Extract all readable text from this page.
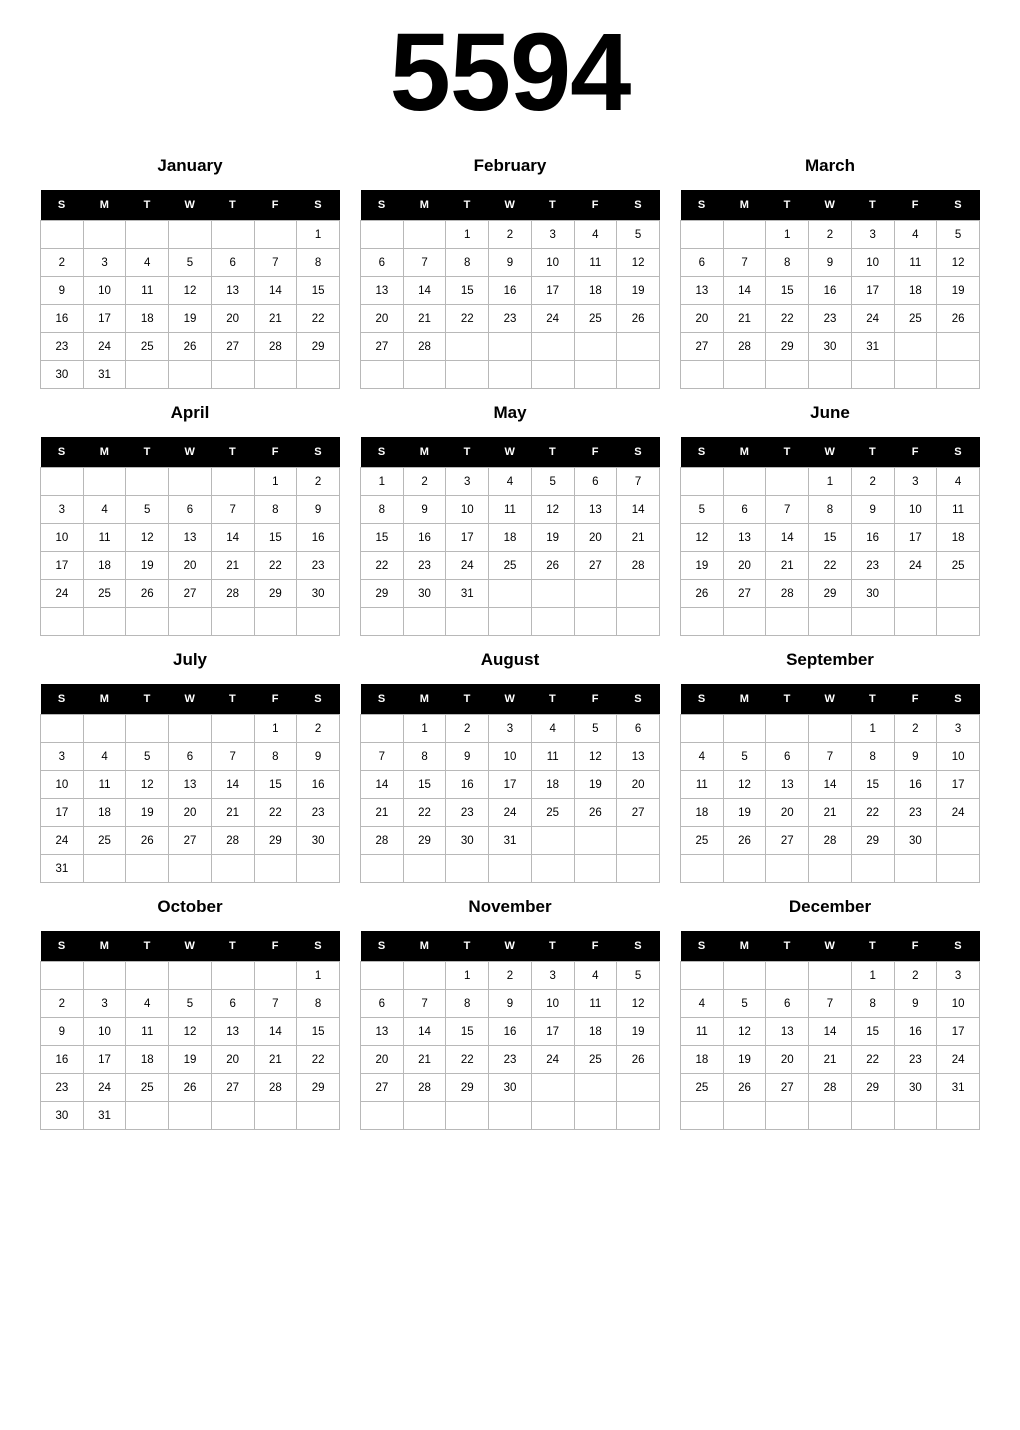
5594
January
S	M	T	W	T	F	S
						1
2	3	4	5	6	7	8
9	10	11	12	13	14	15
16	17	18	19	20	21	22
23	24	25	26	27	28	29
30	31					
February
S	M	T	W	T	F	S
		1	2	3	4	5
6	7	8	9	10	11	12
13	14	15	16	17	18	19
20	21	22	23	24	25	26
27	28					

March
S	M	T	W	T	F	S
		1	2	3	4	5
6	7	8	9	10	11	12
13	14	15	16	17	18	19
20	21	22	23	24	25	26
27	28	29	30	31		

April
S	M	T	W	T	F	S
					1	2
3	4	5	6	7	8	9
10	11	12	13	14	15	16
17	18	19	20	21	22	23
24	25	26	27	28	29	30

May
S	M	T	W	T	F	S
1	2	3	4	5	6	7
8	9	10	11	12	13	14
15	16	17	18	19	20	21
22	23	24	25	26	27	28
29	30	31				

June
S	M	T	W	T	F	S
			1	2	3	4
5	6	7	8	9	10	11
12	13	14	15	16	17	18
19	20	21	22	23	24	25
26	27	28	29	30		

July
S	M	T	W	T	F	S
					1	2
3	4	5	6	7	8	9
10	11	12	13	14	15	16
17	18	19	20	21	22	23
24	25	26	27	28	29	30
31						
August
S	M	T	W	T	F	S
	1	2	3	4	5	6
7	8	9	10	11	12	13
14	15	16	17	18	19	20
21	22	23	24	25	26	27
28	29	30	31			

September
S	M	T	W	T	F	S
				1	2	3
4	5	6	7	8	9	10
11	12	13	14	15	16	17
18	19	20	21	22	23	24
25	26	27	28	29	30	

October
S	M	T	W	T	F	S
						1
2	3	4	5	6	7	8
9	10	11	12	13	14	15
16	17	18	19	20	21	22
23	24	25	26	27	28	29
30	31					
November
S	M	T	W	T	F	S
		1	2	3	4	5
6	7	8	9	10	11	12
13	14	15	16	17	18	19
20	21	22	23	24	25	26
27	28	29	30			

December
S	M	T	W	T	F	S
				1	2	3
4	5	6	7	8	9	10
11	12	13	14	15	16	17
18	19	20	21	22	23	24
25	26	27	28	29	30	31
